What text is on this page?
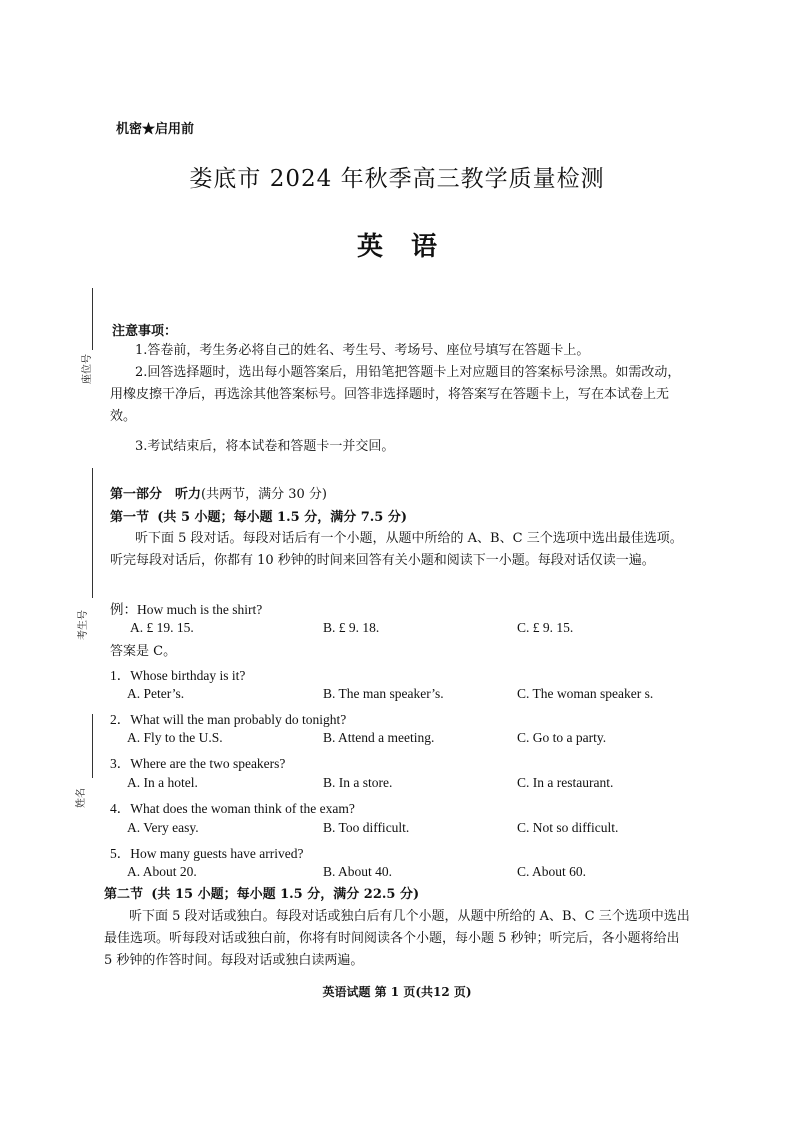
座位号
考生号
姓名
机密★启用前
娄底市 2024 年秋季高三教学质量检测
英语
注意事项：
1.答卷前，考生务必将自己的姓名、考生号、考场号、座位号填写在答题卡上。
2.回答选择题时，选出每小题答案后，用铅笔把答题卡上对应题目的答案标号涂黑。如需改动，用橡皮擦干净后，再选涂其他答案标号。回答非选择题时，将答案写在答题卡上，写在本试卷上无效。
3.考试结束后，将本试卷和答题卡一并交回。
第一部分　听力(共两节，满分 30 分)
第一节 (共 5 小题；每小题 1.5 分，满分 7.5 分)
听下面 5 段对话。每段对话后有一个小题，从题中所给的 A、B、C 三个选项中选出最佳选项。听完每段对话后，你都有 10 秒钟的时间来回答有关小题和阅读下一小题。每段对话仅读一遍。
例：How much is the shirt?
A. £ 19. 15.	B. £ 9. 18.	C. £ 9. 15.
答案是 C。
1．Whose birthday is it?
A. Peter’s.	B. The man speaker’s.	C. The woman speaker s.
2．What will the man probably do tonight?
A. Fly to the U.S.	B. Attend a meeting.	C. Go to a party.
3．Where are the two speakers?
A. In a hotel.	B. In a store.	C. In a restaurant.
4．What does the woman think of the exam?
A. Very easy.	B. Too difficult.	C. Not so difficult.
5．How many guests have arrived?
A. About 20.	B. About 40.	C. About 60.
第二节 (共 15 小题；每小题 1.5 分，满分 22.5 分)
听下面 5 段对话或独白。每段对话或独白后有几个小题，从题中所给的 A、B、C 三个选项中选出最佳选项。听每段对话或独白前，你将有时间阅读各个小题，每小题 5 秒钟；听完后，各小题将给出 5 秒钟的作答时间。每段对话或独白读两遍。
英语试题 第 1 页(共12 页)
